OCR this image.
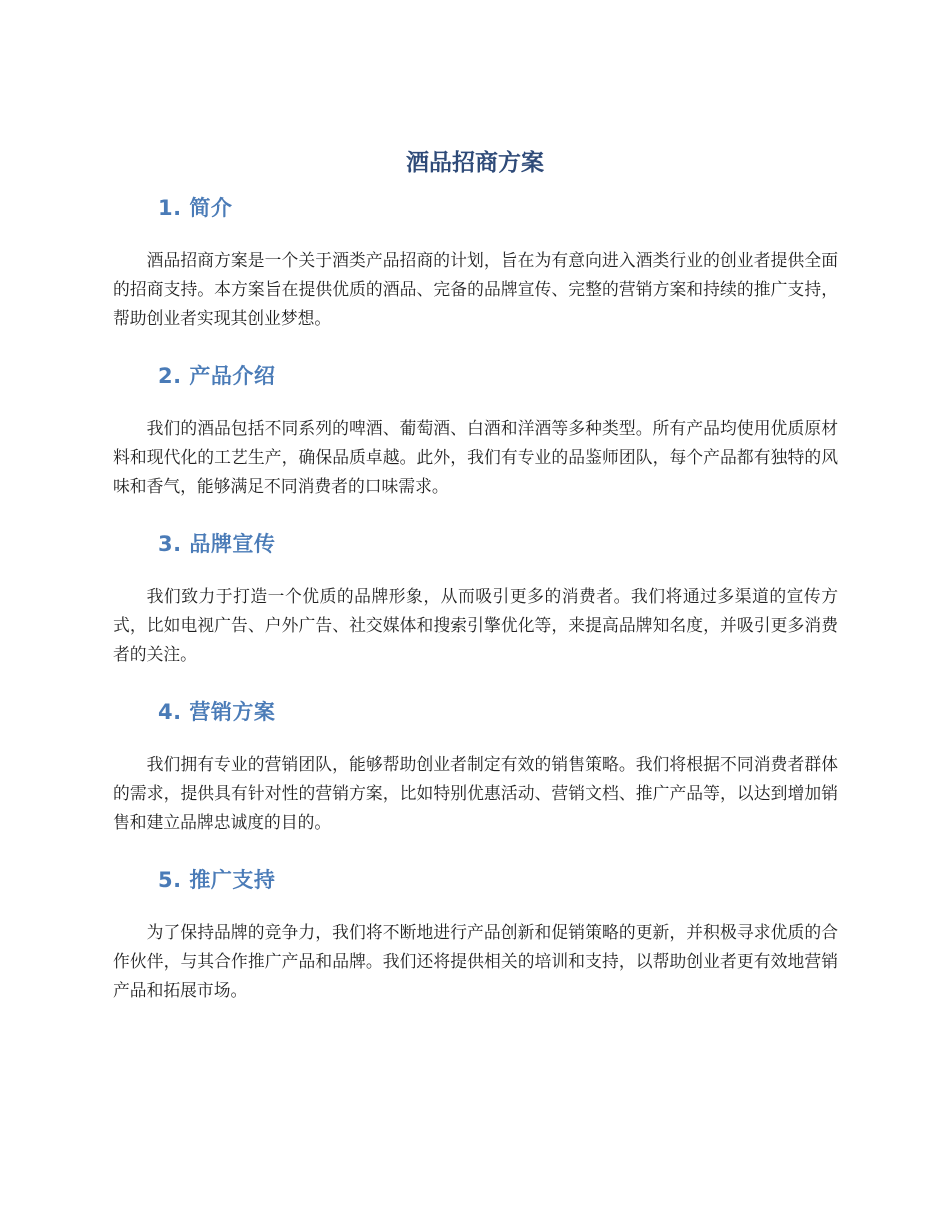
酒品招商方案
1. 简介

酒品招商方案是一个关于酒类产品招商的计划，旨在为有意向进入酒类行业的创业者提供全面的招商支持。本方案旨在提供优质的酒品、完备的品牌宣传、完整的营销方案和持续的推广支持，帮助创业者实现其创业梦想。

2. 产品介绍

我们的酒品包括不同系列的啤酒、葡萄酒、白酒和洋酒等多种类型。所有产品均使用优质原材料和现代化的工艺生产，确保品质卓越。此外，我们有专业的品鉴师团队，每个产品都有独特的风味和香气，能够满足不同消费者的口味需求。

3. 品牌宣传

我们致力于打造一个优质的品牌形象，从而吸引更多的消费者。我们将通过多渠道的宣传方式，比如电视广告、户外广告、社交媒体和搜索引擎优化等，来提高品牌知名度，并吸引更多消费者的关注。

4. 营销方案

我们拥有专业的营销团队，能够帮助创业者制定有效的销售策略。我们将根据不同消费者群体的需求，提供具有针对性的营销方案，比如特别优惠活动、营销文档、推广产品等，以达到增加销售和建立品牌忠诚度的目的。

5. 推广支持

为了保持品牌的竞争力，我们将不断地进行产品创新和促销策略的更新，并积极寻求优质的合作伙伴，与其合作推广产品和品牌。我们还将提供相关的培训和支持，以帮助创业者更有效地营销产品和拓展市场。
